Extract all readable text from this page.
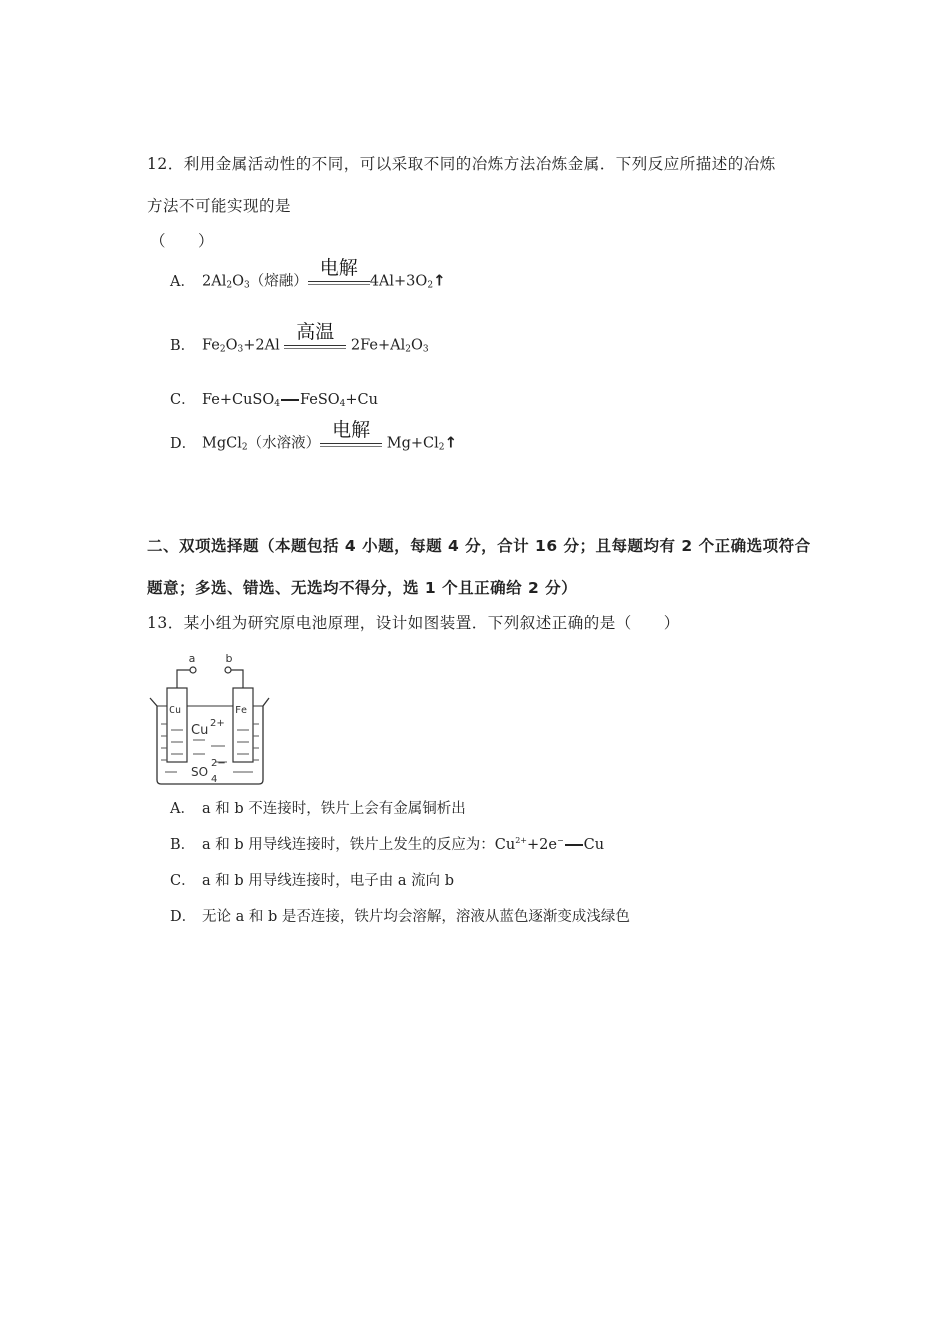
12．利用金属活动性的不同，可以采取不同的冶炼方法冶炼金属．下列反应所描述的冶炼
方法不可能实现的是
（　　）
A． $2Al_2O_3$（熔融）
电解
$4Al+3O_2↑$
B． $Fe_2O_3+2Al$
高温
$2Fe+Al_2O_3$
C． Fe+CuSO$_4$ FeSO$_4$+Cu
D． MgCl$_2$（水溶液）
电解
$Mg+Cl_2↑$
二、双项选择题（本题包括 4 小题，每题 4 分，合计 16 分；且每题均有 2 个正确选项符合
题意；多选、错选、无选均不得分，选 1 个且正确给 2 分）
13．某小组为研究原电池原理，设计如图装置．下列叙述正确的是（　　）
a	b
Cu	Fe
Cu 2+
SO
4
2−
A． a 和 b 不连接时，铁片上会有金属铜析出
B． a 和 b 用导线连接时，铁片上发生的反应为：$Cu^{2+}+2e^-$ Cu
C． a 和 b 用导线连接时，电子由 a 流向 b
D． 无论 a 和 b 是否连接，铁片均会溶解，溶液从蓝色逐渐变成浅绿色
